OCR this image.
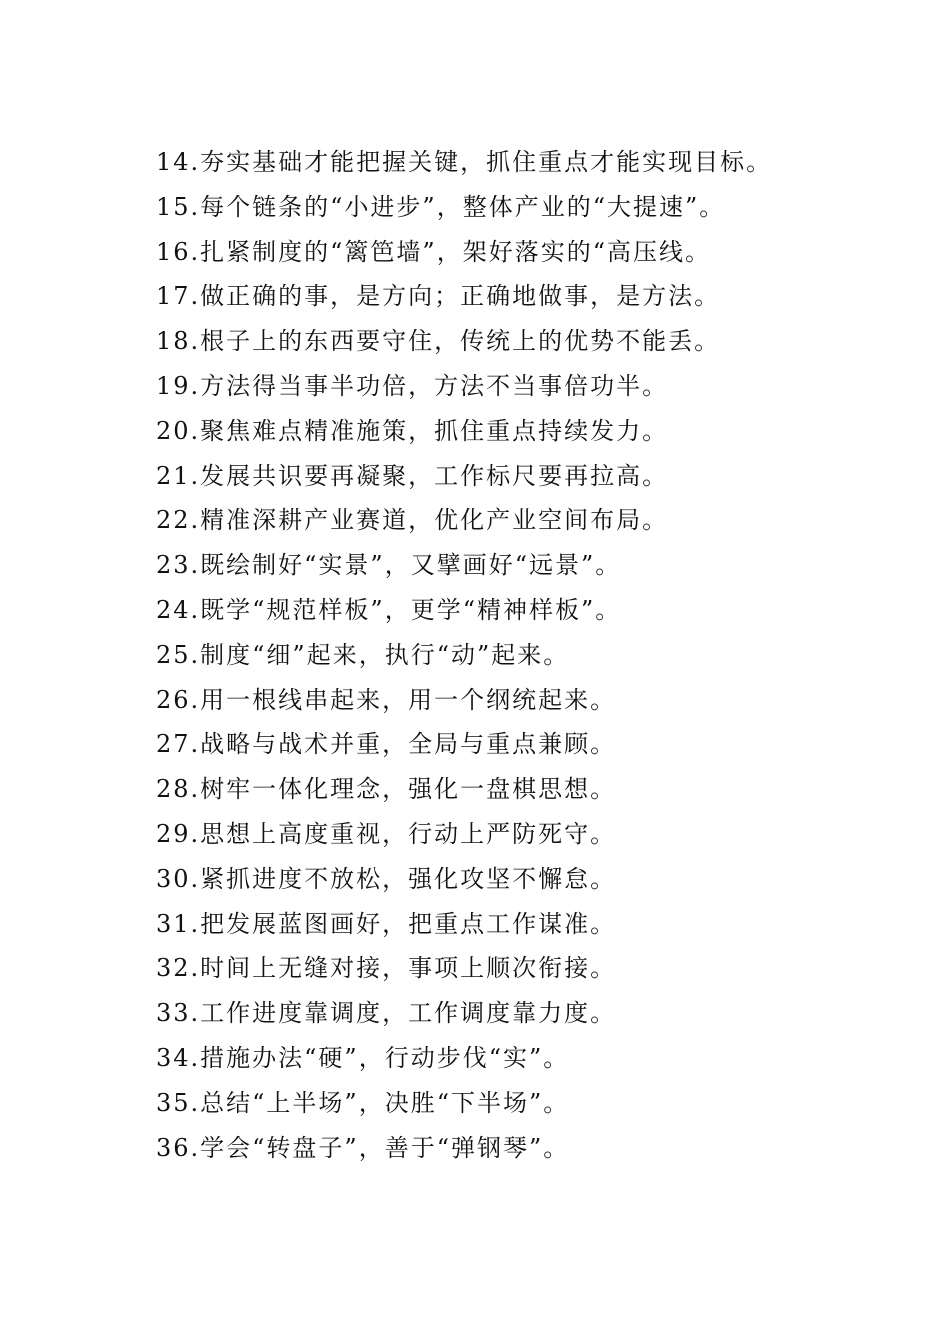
14.夯实基础才能把握关键，抓住重点才能实现目标。
15.每个链条的“小进步”，整体产业的“大提速”。
16.扎紧制度的“篱笆墙”，架好落实的“高压线。
17.做正确的事，是方向；正确地做事，是方法。
18.根子上的东西要守住，传统上的优势不能丢。
19.方法得当事半功倍，方法不当事倍功半。
20.聚焦难点精准施策，抓住重点持续发力。
21.发展共识要再凝聚，工作标尺要再拉高。
22.精准深耕产业赛道，优化产业空间布局。
23.既绘制好“实景”，又擘画好“远景”。
24.既学“规范样板”，更学“精神样板”。
25.制度“细”起来，执行“动”起来。
26.用一根线串起来，用一个纲统起来。
27.战略与战术并重，全局与重点兼顾。
28.树牢一体化理念，强化一盘棋思想。
29.思想上高度重视，行动上严防死守。
30.紧抓进度不放松，强化攻坚不懈怠。
31.把发展蓝图画好，把重点工作谋准。
32.时间上无缝对接，事项上顺次衔接。
33.工作进度靠调度，工作调度靠力度。
34.措施办法“硬”，行动步伐“实”。
35.总结“上半场”，决胜“下半场”。
36.学会“转盘子”，善于“弹钢琴”。
